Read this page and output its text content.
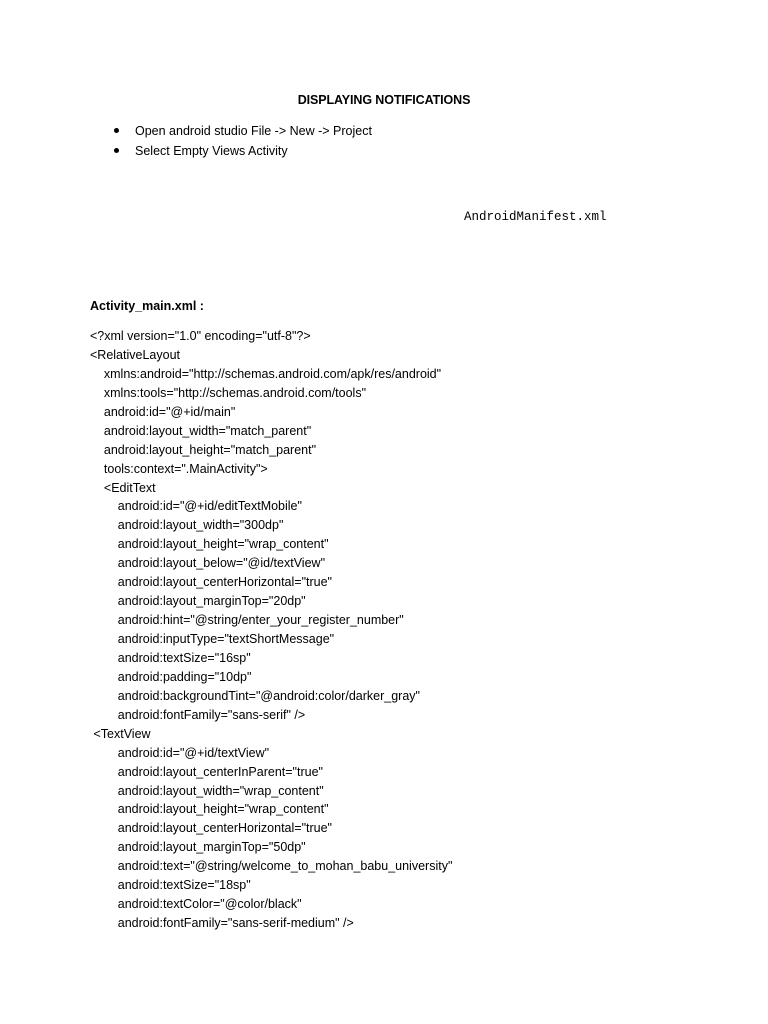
DISPLAYING NOTIFICATIONS
Open android studio File -> New -> Project
Select Empty Views Activity
AndroidManifest.xml
Activity_main.xml :
<?xml version="1.0" encoding="utf-8"?>
<RelativeLayout
xmlns:android="http://schemas.android.com/apk/res/android"
xmlns:tools="http://schemas.android.com/tools"
android:id="@+id/main"
android:layout_width="match_parent"
android:layout_height="match_parent"
tools:context=".MainActivity">
<EditText
android:id="@+id/editTextMobile"
android:layout_width="300dp"
android:layout_height="wrap_content"
android:layout_below="@id/textView"
android:layout_centerHorizontal="true"
android:layout_marginTop="20dp"
android:hint="@string/enter_your_register_number"
android:inputType="textShortMessage"
android:textSize="16sp"
android:padding="10dp"
android:backgroundTint="@android:color/darker_gray"
android:fontFamily="sans-serif" />
<TextView
android:id="@+id/textView"
android:layout_centerInParent="true"
android:layout_width="wrap_content"
android:layout_height="wrap_content"
android:layout_centerHorizontal="true"
android:layout_marginTop="50dp"
android:text="@string/welcome_to_mohan_babu_university"
android:textSize="18sp"
android:textColor="@color/black"
android:fontFamily="sans-serif-medium" />
